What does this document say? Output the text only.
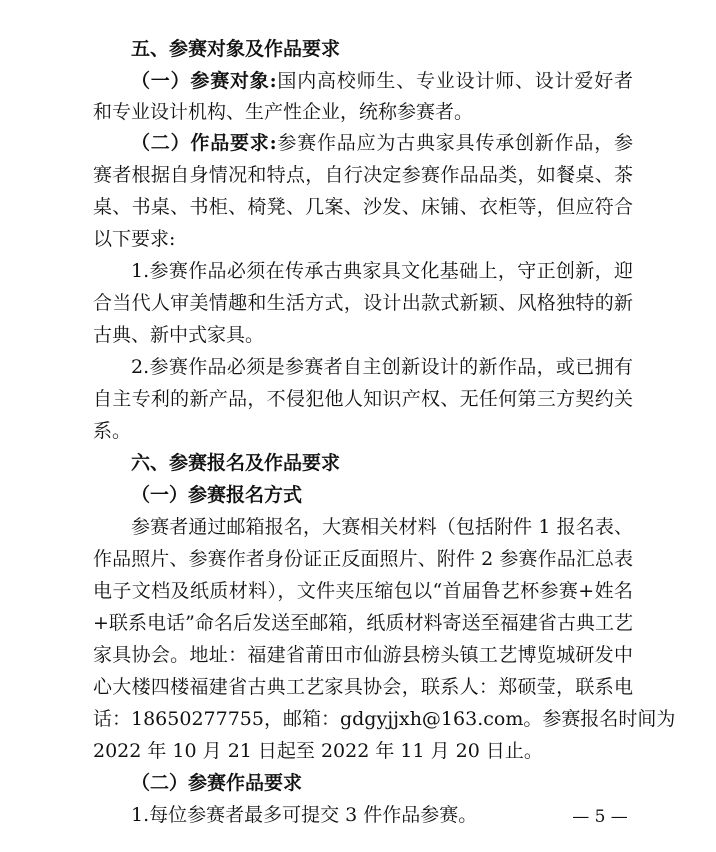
五、参赛对象及作品要求
（一）参赛对象:国内高校师生、专业设计师、设计爱好者
和专业设计机构、生产性企业，统称参赛者。
（二）作品要求:参赛作品应为古典家具传承创新作品，参
赛者根据自身情况和特点，自行决定参赛作品品类，如餐桌、茶
桌、书桌、书柜、椅凳、几案、沙发、床铺、衣柜等，但应符合
以下要求:
1.参赛作品必须在传承古典家具文化基础上，守正创新，迎
合当代人审美情趣和生活方式，设计出款式新颖、风格独特的新
古典、新中式家具。
2.参赛作品必须是参赛者自主创新设计的新作品，或已拥有
自主专利的新产品，不侵犯他人知识产权、无任何第三方契约关
系。
六、参赛报名及作品要求
（一）参赛报名方式
参赛者通过邮箱报名，大赛相关材料（包括附件 1 报名表、
作品照片、参赛作者身份证正反面照片、附件 2 参赛作品汇总表
电子文档及纸质材料），文件夹压缩包以“首届鲁艺杯参赛+姓名
+联系电话”命名后发送至邮箱，纸质材料寄送至福建省古典工艺
家具协会。地址：福建省莆田市仙游县榜头镇工艺博览城研发中
心大楼四楼福建省古典工艺家具协会，联系人：郑硕莹，联系电
话：18650277755，邮箱：gdgyjjxh@163.com。参赛报名时间为
2022 年 10 月 21 日起至 2022 年 11 月 20 日止。
（二）参赛作品要求
1.每位参赛者最多可提交 3 件作品参赛。	— 5 —
